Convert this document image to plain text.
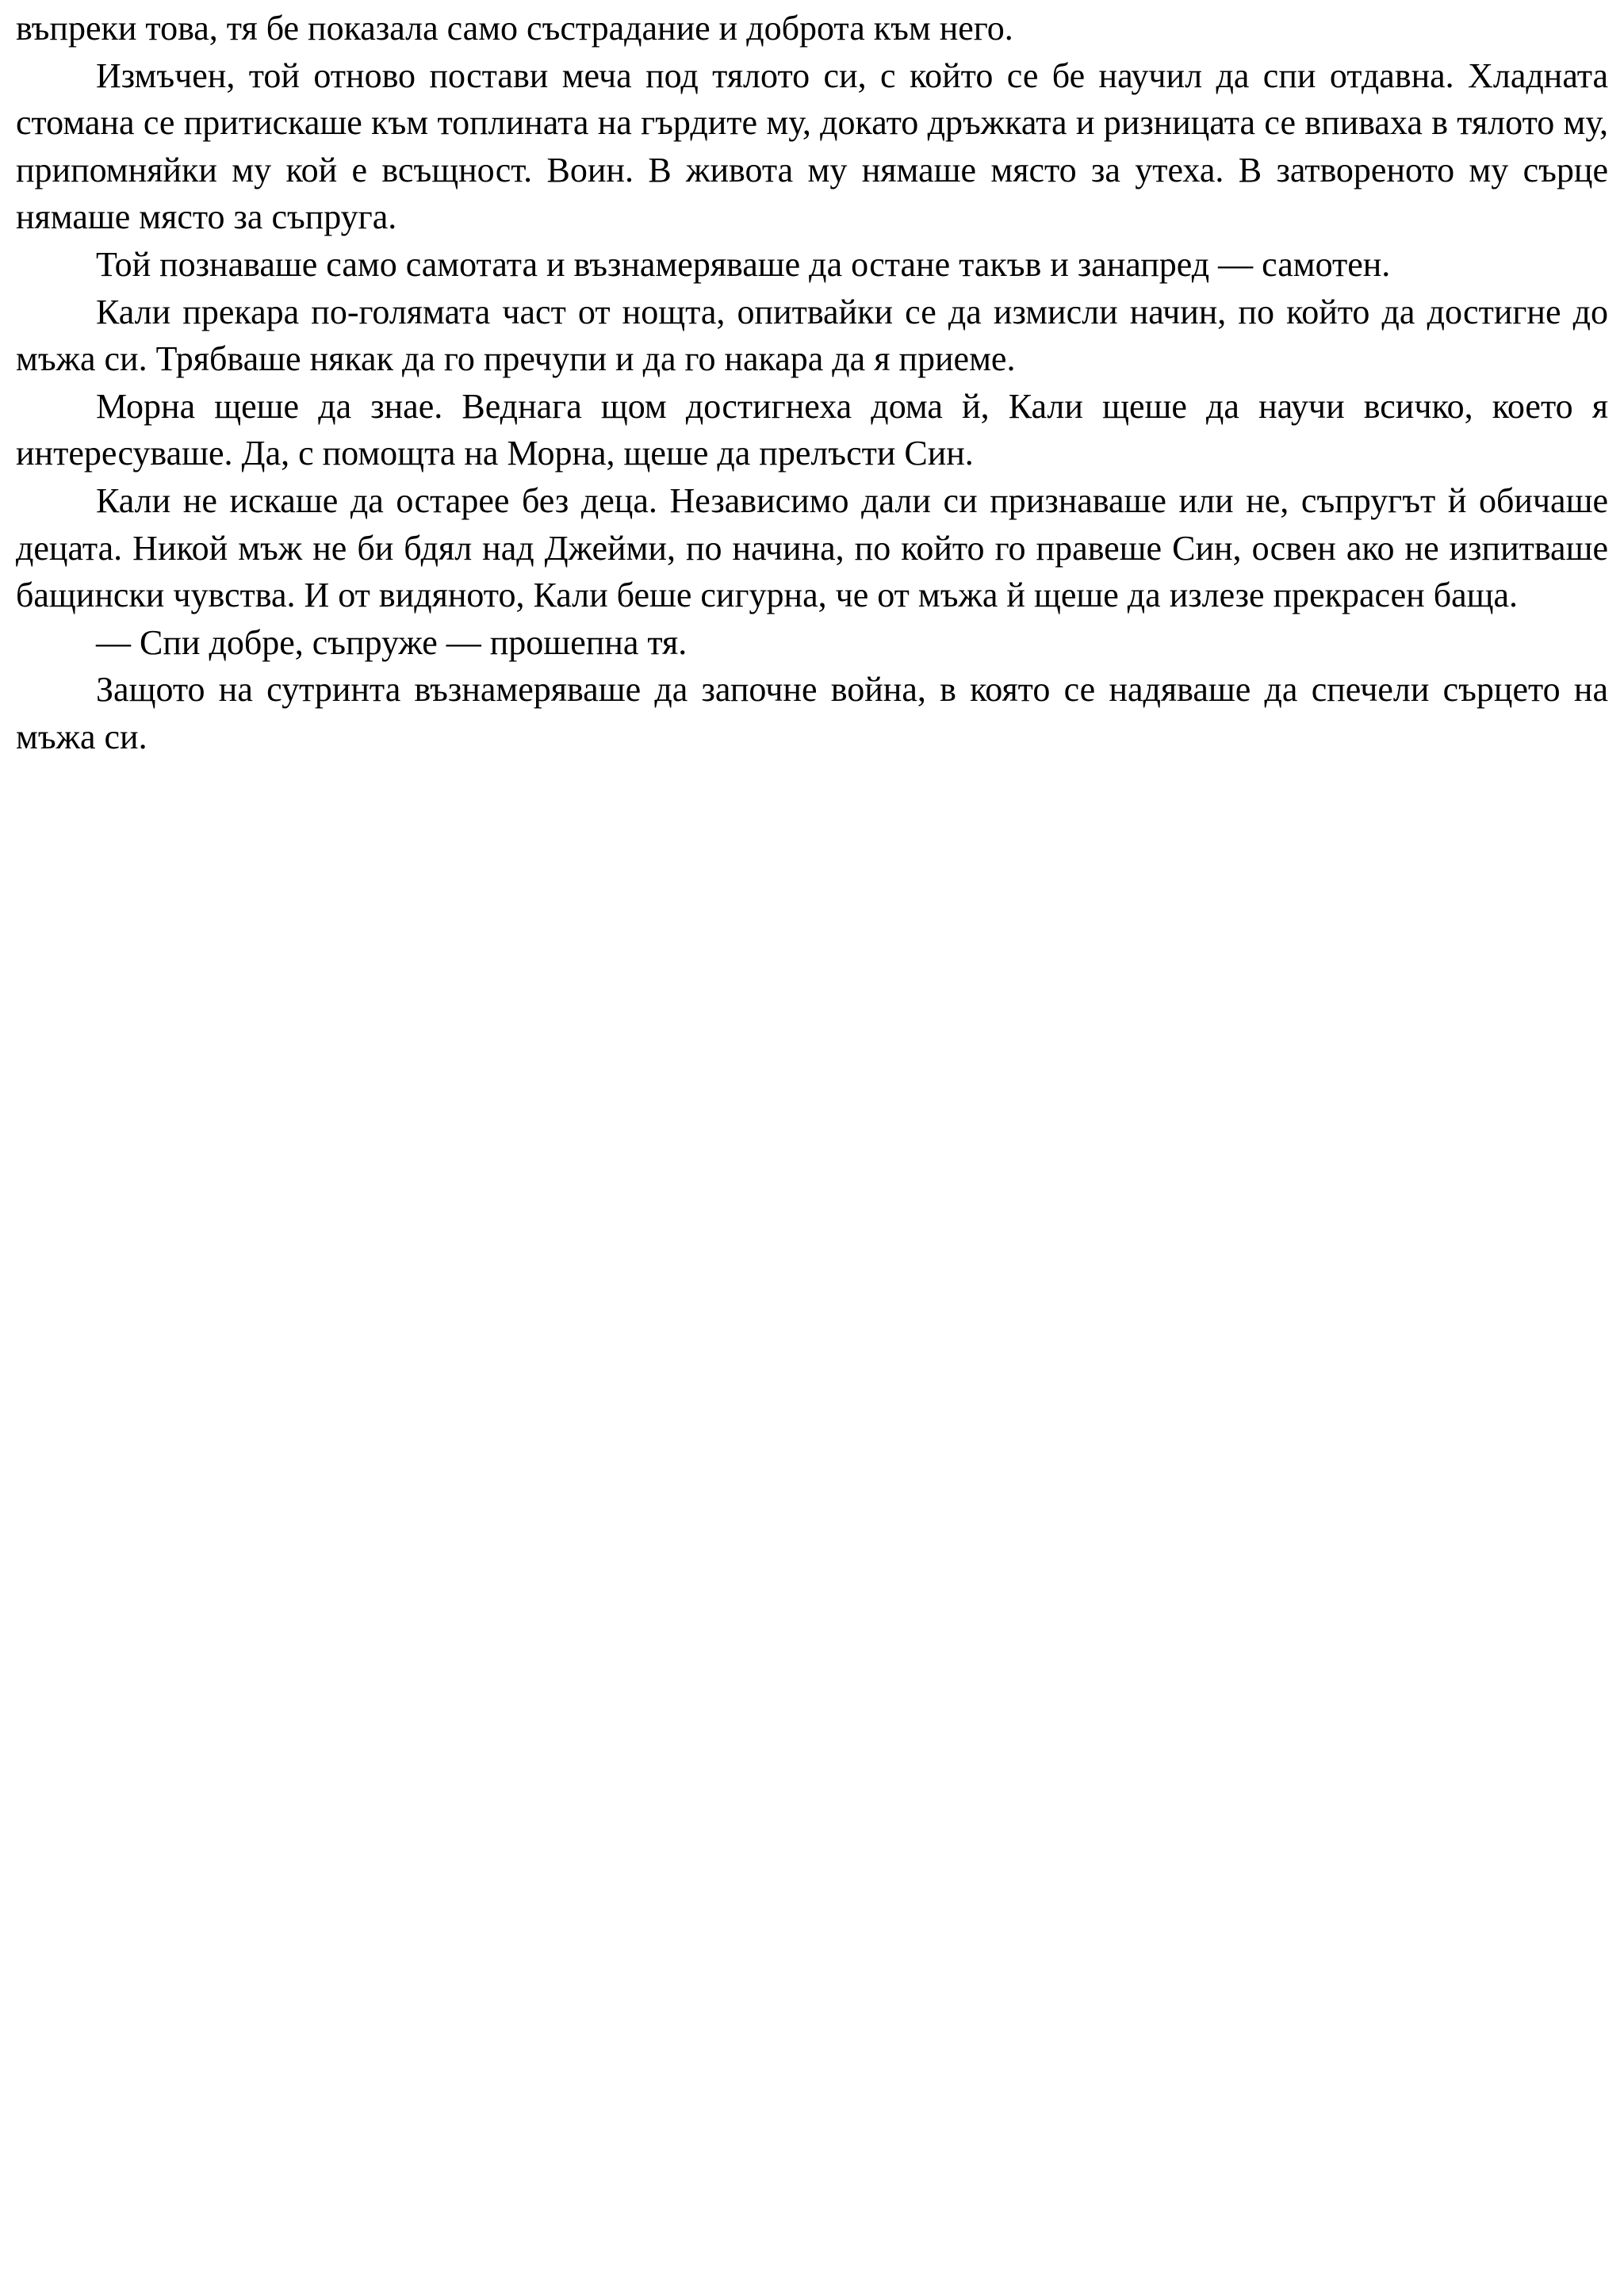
въпреки това, тя бе показала само състрадание и доброта към него.

Измъчен, той отново постави меча под тялото си, с който се бе научил да спи отдавна. Хладната стомана се притискаше към топлината на гърдите му, докато дръжката и ризницата се впиваха в тялото му, припомняйки му кой е всъщност. Воин. В живота му нямаше място за утеха. В затвореното му сърце нямаше място за съпруга.

Той познаваше само самотата и възнамеряваше да остане такъв и занапред — самотен.

Кали прекара по-голямата част от нощта, опитвайки се да измисли начин, по който да достигне до мъжа си. Трябваше някак да го пречупи и да го накара да я приеме.

Морна щеше да знае. Веднага щом достигнеха дома й, Кали щеше да научи всичко, което я интересуваше. Да, с помощта на Морна, щеше да прелъсти Син.

Кали не искаше да остарее без деца. Независимо дали си признаваше или не, съпругът й обичаше децата. Никой мъж не би бдял над Джейми, по начина, по който го правеше Син, освен ако не изпитваше бащински чувства. И от видяното, Кали беше сигурна, че от мъжа й щеше да излезе прекрасен баща.

— Спи добре, съпруже — прошепна тя.

Защото на сутринта възнамеряваше да започне война, в която се надяваше да спечели сърцето на мъжа си.
